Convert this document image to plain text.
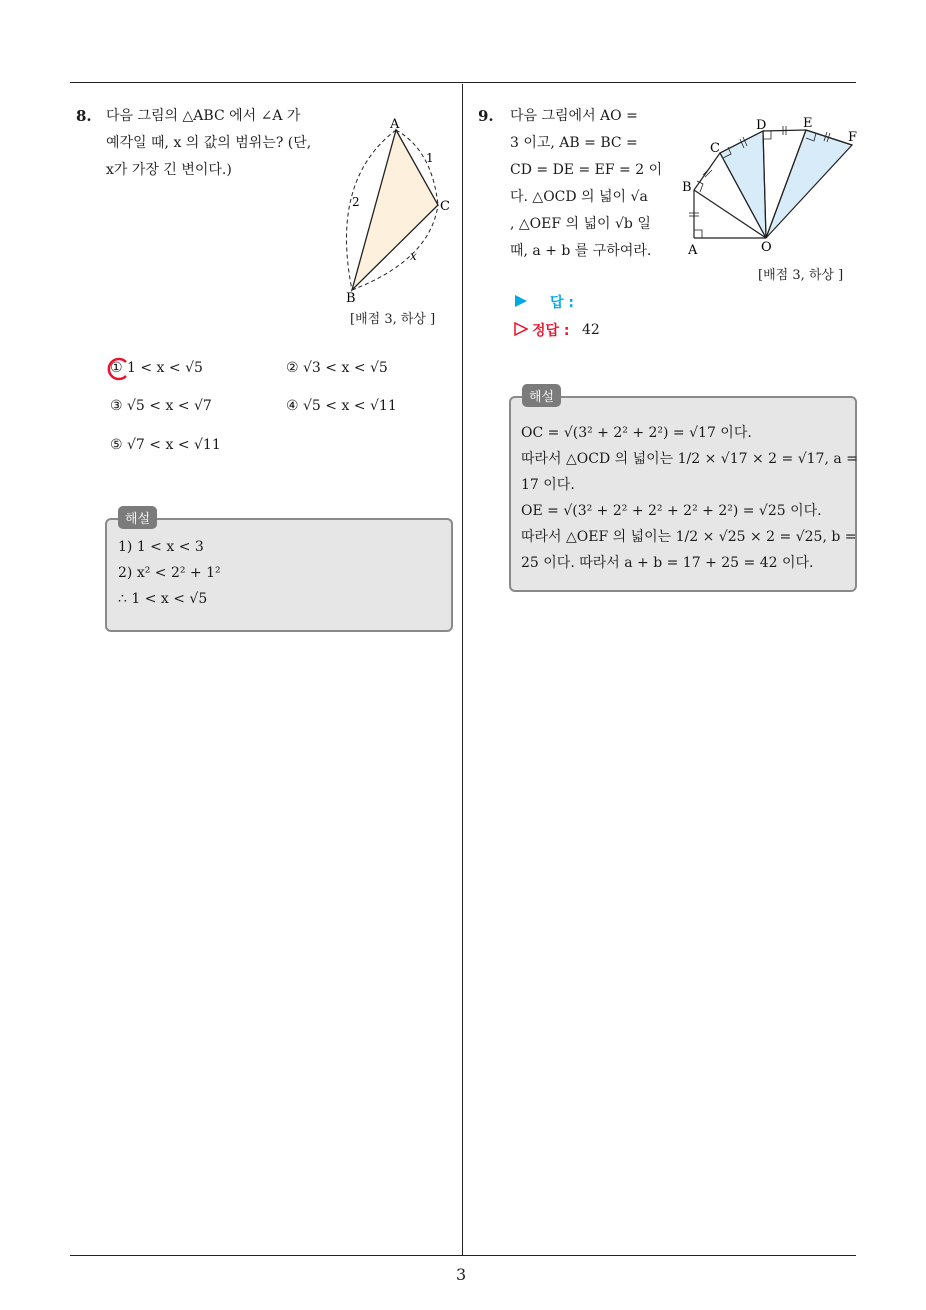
3
8. 다음 그림의 △ABC 에서 ∠A 가
예각일 때, x 의 값의 범위는? (단,
x가 가장 긴 변이다.)
A
B
C
1
2
x
[배점 3, 하상 ]
① 1 < x < √5	② √3 < x < √5
③ √5 < x < √7	④ √5 < x < √11
⑤ √7 < x < √11
해설
1) 1 < x < 3
2) x² < 2² + 1²
∴ 1 < x < √5
9. 다음 그림에서 AO =
3 이고, AB = BC =
CD = DE = EF = 2 이
다. △OCD 의 넓이 √a
, △OEF 의 넓이 √b 일
때, a + b 를 구하여라.	A
B
C
D	E
F
O
[배점 3, 하상 ]
답 :
정답 : 42
해설
OC = √(3² + 2² + 2²) = √17 이다.
따라서 △OCD 의 넓이는 1/2 × √17 × 2 = √17, a =
17 이다.
OE = √(3² + 2² + 2² + 2² + 2²) = √25 이다.
따라서 △OEF 의 넓이는 1/2 × √25 × 2 = √25, b =
25 이다. 따라서 a + b = 17 + 25 = 42 이다.
